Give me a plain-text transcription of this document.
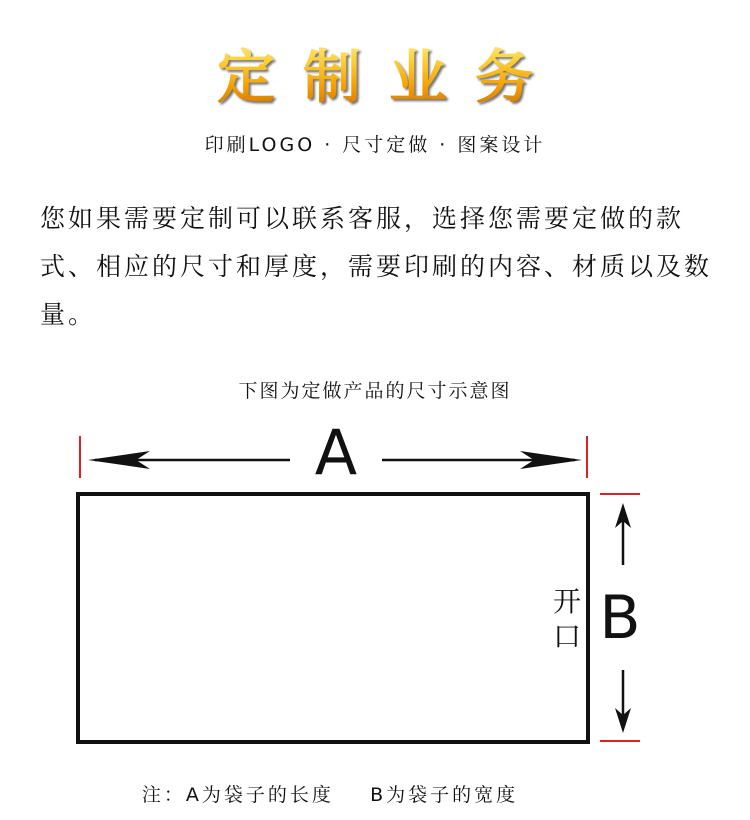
定制业务
印刷LOGO · 尺寸定做 · 图案设计
您如果需要定制可以联系客服，选择您需要定做的款式、相应的尺寸和厚度，需要印刷的内容、材质以及数量。
下图为定做产品的尺寸示意图
A
B
开
口
注：A为袋子的长度 B为袋子的宽度
